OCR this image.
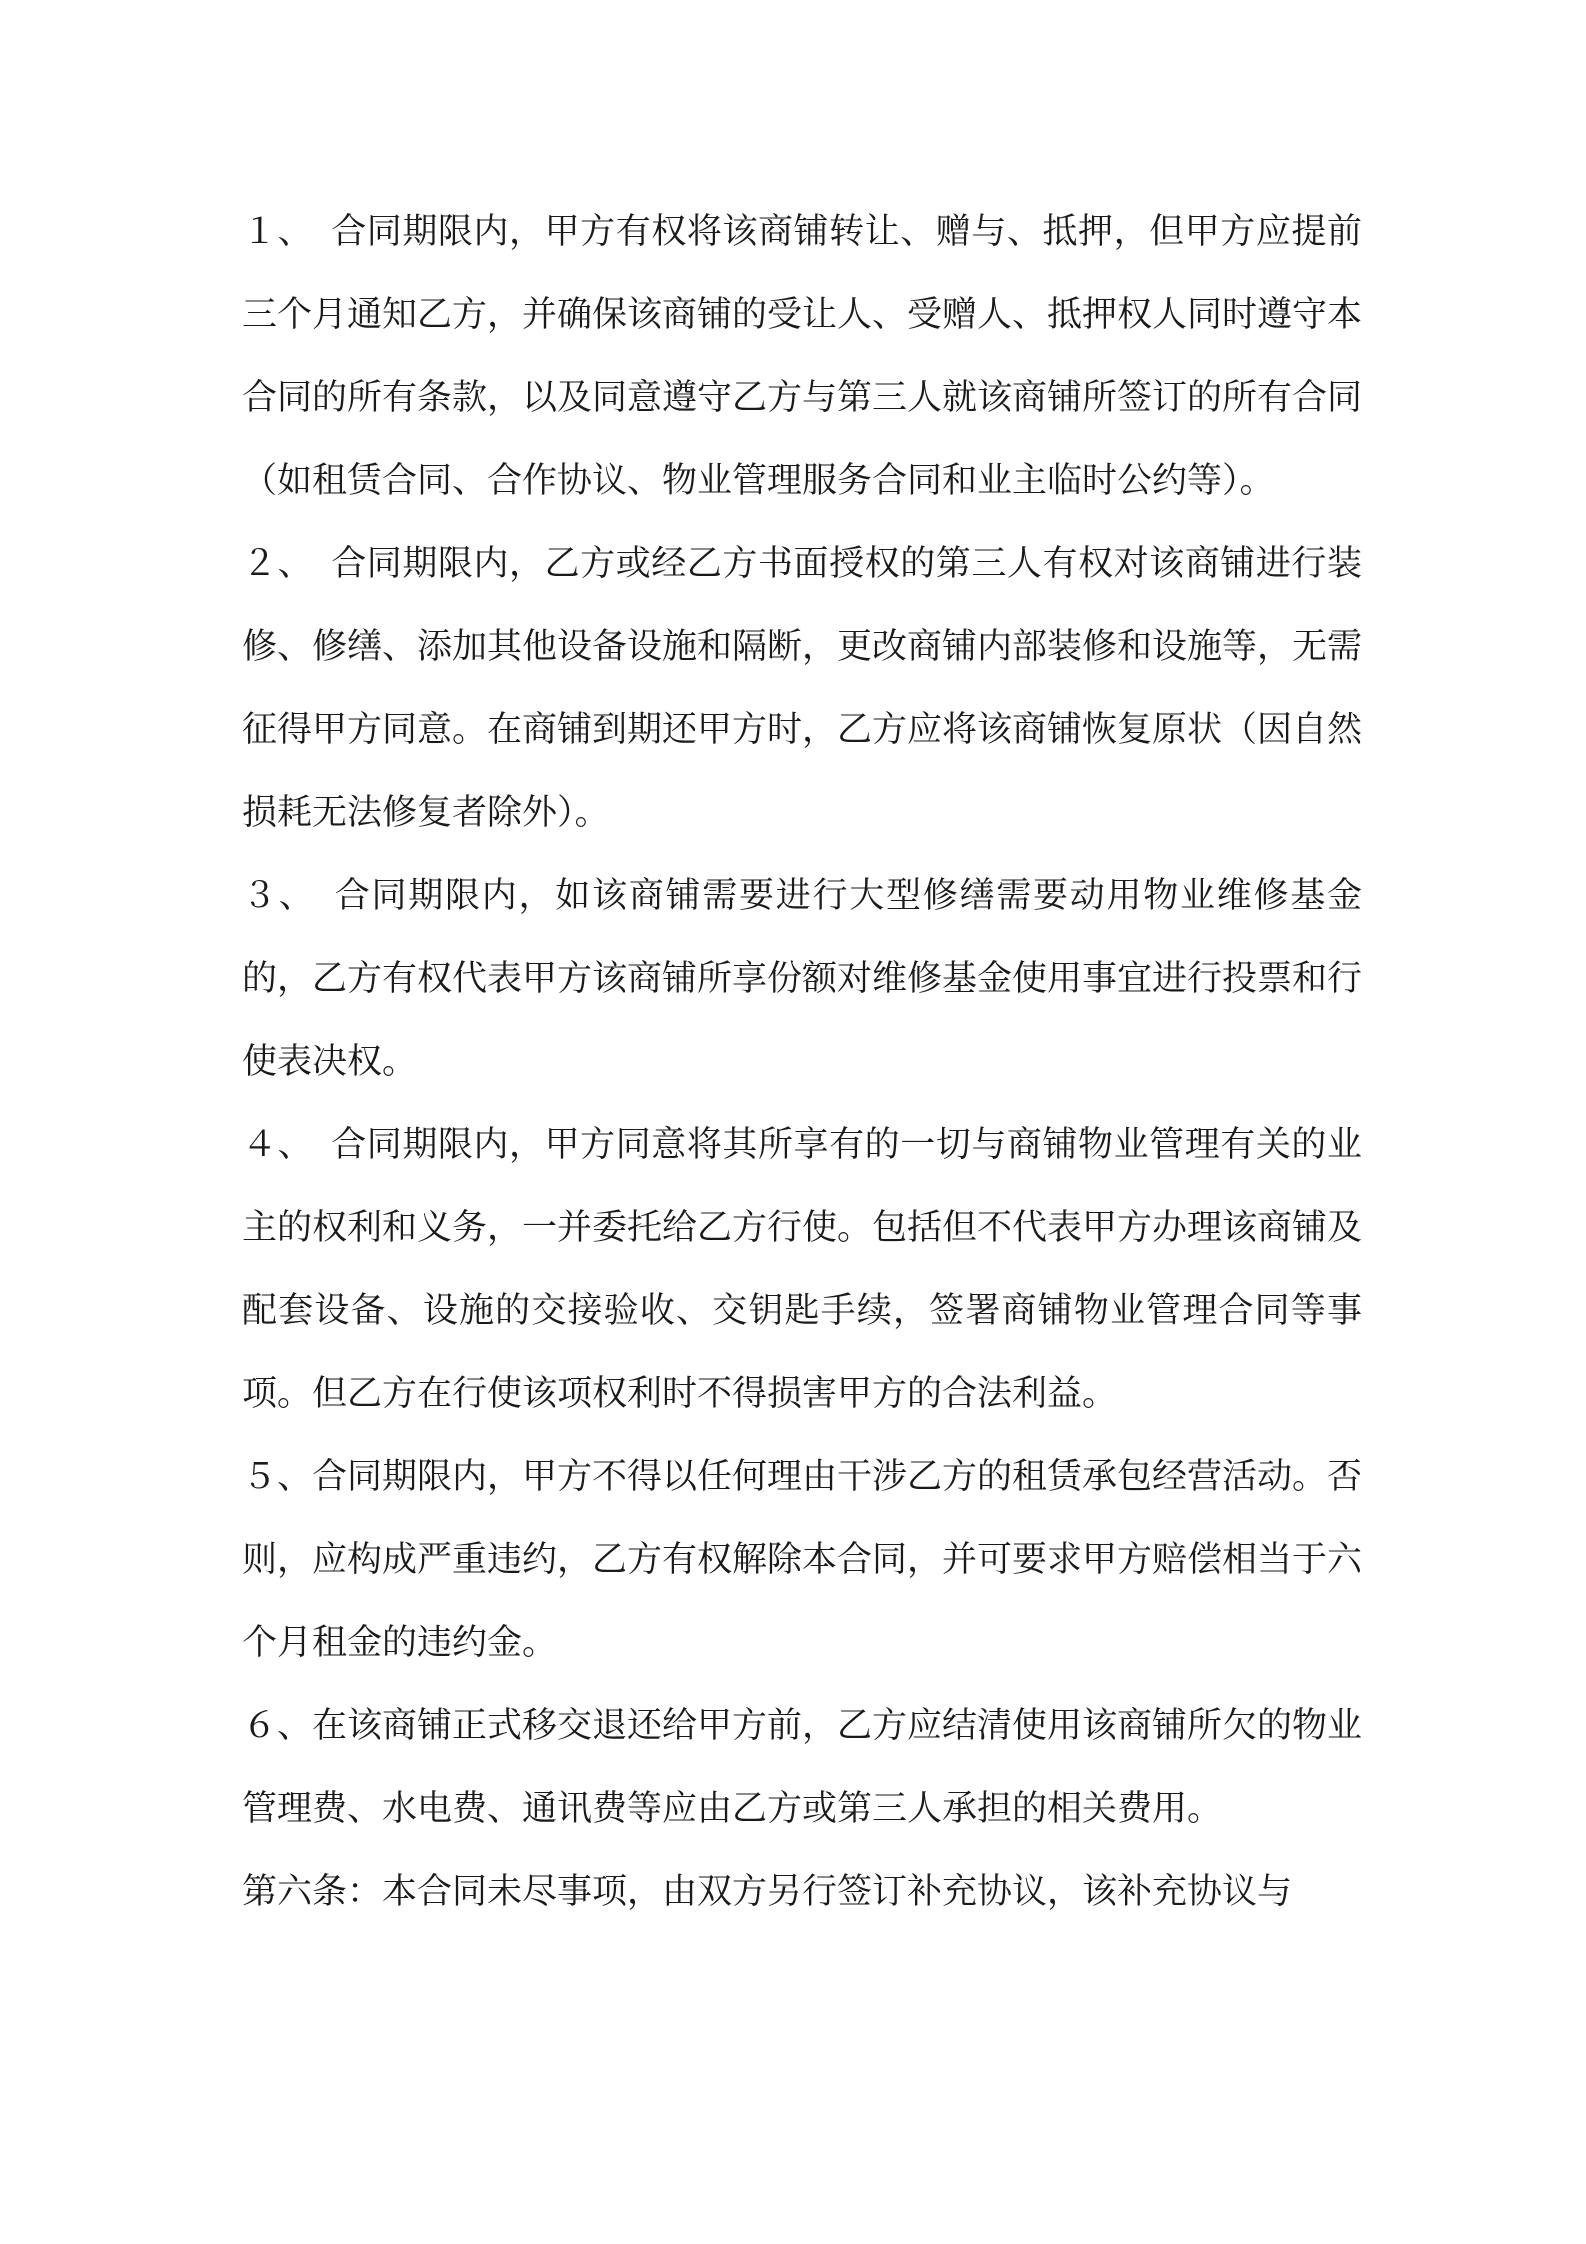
１、　合同期限内，甲方有权将该商铺转让、赠与、抵押，但甲方应提前三个月通知乙方，并确保该商铺的受让人、受赠人、抵押权人同时遵守本合同的所有条款，以及同意遵守乙方与第三人就该商铺所签订的所有合同（如租赁合同、合作协议、物业管理服务合同和业主临时公约等）。

２、　合同期限内，乙方或经乙方书面授权的第三人有权对该商铺进行装修、修缮、添加其他设备设施和隔断，更改商铺内部装修和设施等，无需征得甲方同意。在商铺到期还甲方时，乙方应将该商铺恢复原状（因自然损耗无法修复者除外）。

３、　合同期限内，如该商铺需要进行大型修缮需要动用物业维修基金的，乙方有权代表甲方该商铺所享份额对维修基金使用事宜进行投票和行使表决权。

４、　合同期限内，甲方同意将其所享有的一切与商铺物业管理有关的业主的权利和义务，一并委托给乙方行使。包括但不代表甲方办理该商铺及配套设备、设施的交接验收、交钥匙手续，签署商铺物业管理合同等事项。但乙方在行使该项权利时不得损害甲方的合法利益。

５、合同期限内，甲方不得以任何理由干涉乙方的租赁承包经营活动。否则，应构成严重违约，乙方有权解除本合同，并可要求甲方赔偿相当于六个月租金的违约金。

６、在该商铺正式移交退还给甲方前，乙方应结清使用该商铺所欠的物业管理费、水电费、通讯费等应由乙方或第三人承担的相关费用。

第六条：本合同未尽事项，由双方另行签订补充协议，该补充协议与
